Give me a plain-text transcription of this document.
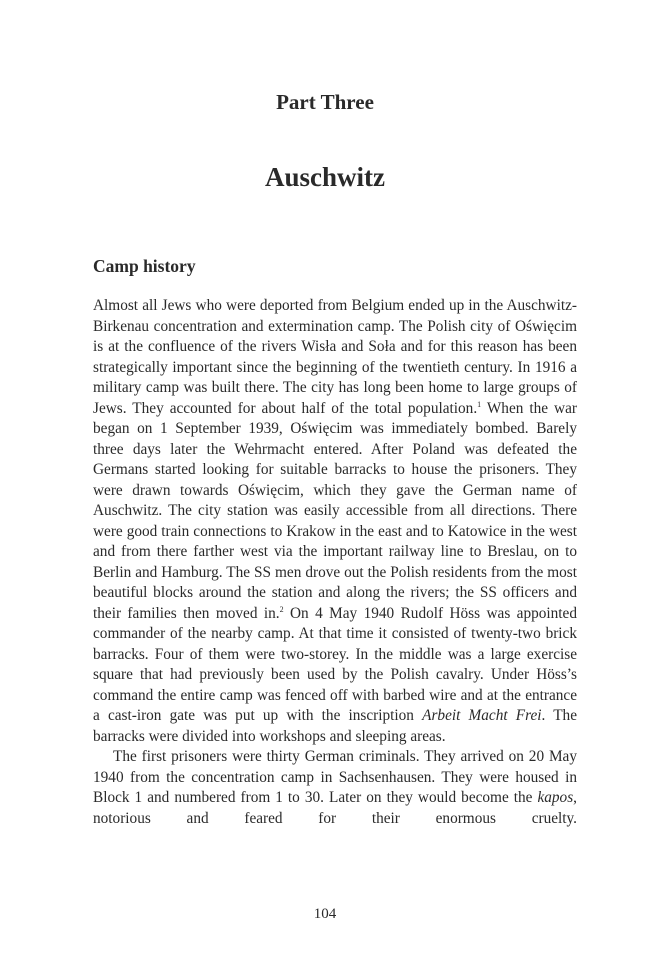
Part Three
Auschwitz
Camp history

Almost all Jews who were deported from Belgium ended up in the Auschwitz-Birkenau concentration and extermination camp. The Polish city of Oświęcim is at the confluence of the rivers Wisła and Soła and for this reason has been strategically important since the beginning of the twentieth century. In 1916 a military camp was built there. The city has long been home to large groups of Jews. They accounted for about half of the total population.$^1$ When the war began on 1 September 1939, Oświęcim was immediately bombed. Barely three days later the Wehrmacht entered. After Poland was defeated the Germans started looking for suitable barracks to house the prisoners. They were drawn towards Oświęcim, which they gave the German name of Auschwitz. The city station was easily accessible from all directions. There were good train connections to Krakow in the east and to Katowice in the west and from there farther west via the important railway line to Breslau, on to Berlin and Hamburg. The SS men drove out the Polish residents from the most beautiful blocks around the station and along the rivers; the SS officers and their families then moved in.$^2$ On 4 May 1940 Rudolf Höss was appointed commander of the nearby camp. At that time it consisted of twenty-two brick barracks. Four of them were two-storey. In the middle was a large exercise square that had previously been used by the Polish cavalry. Under Höss’s command the entire camp was fenced off with barbed wire and at the entrance a cast-iron gate was put up with the inscription Arbeit Macht Frei. The barracks were divided into workshops and sleeping areas.

The first prisoners were thirty German criminals. They arrived on 20 May 1940 from the concentration camp in Sachsenhausen. They were housed in Block 1 and numbered from 1 to 30. Later on they would become the kapos, notorious and feared for their enormous cruelty.

104
